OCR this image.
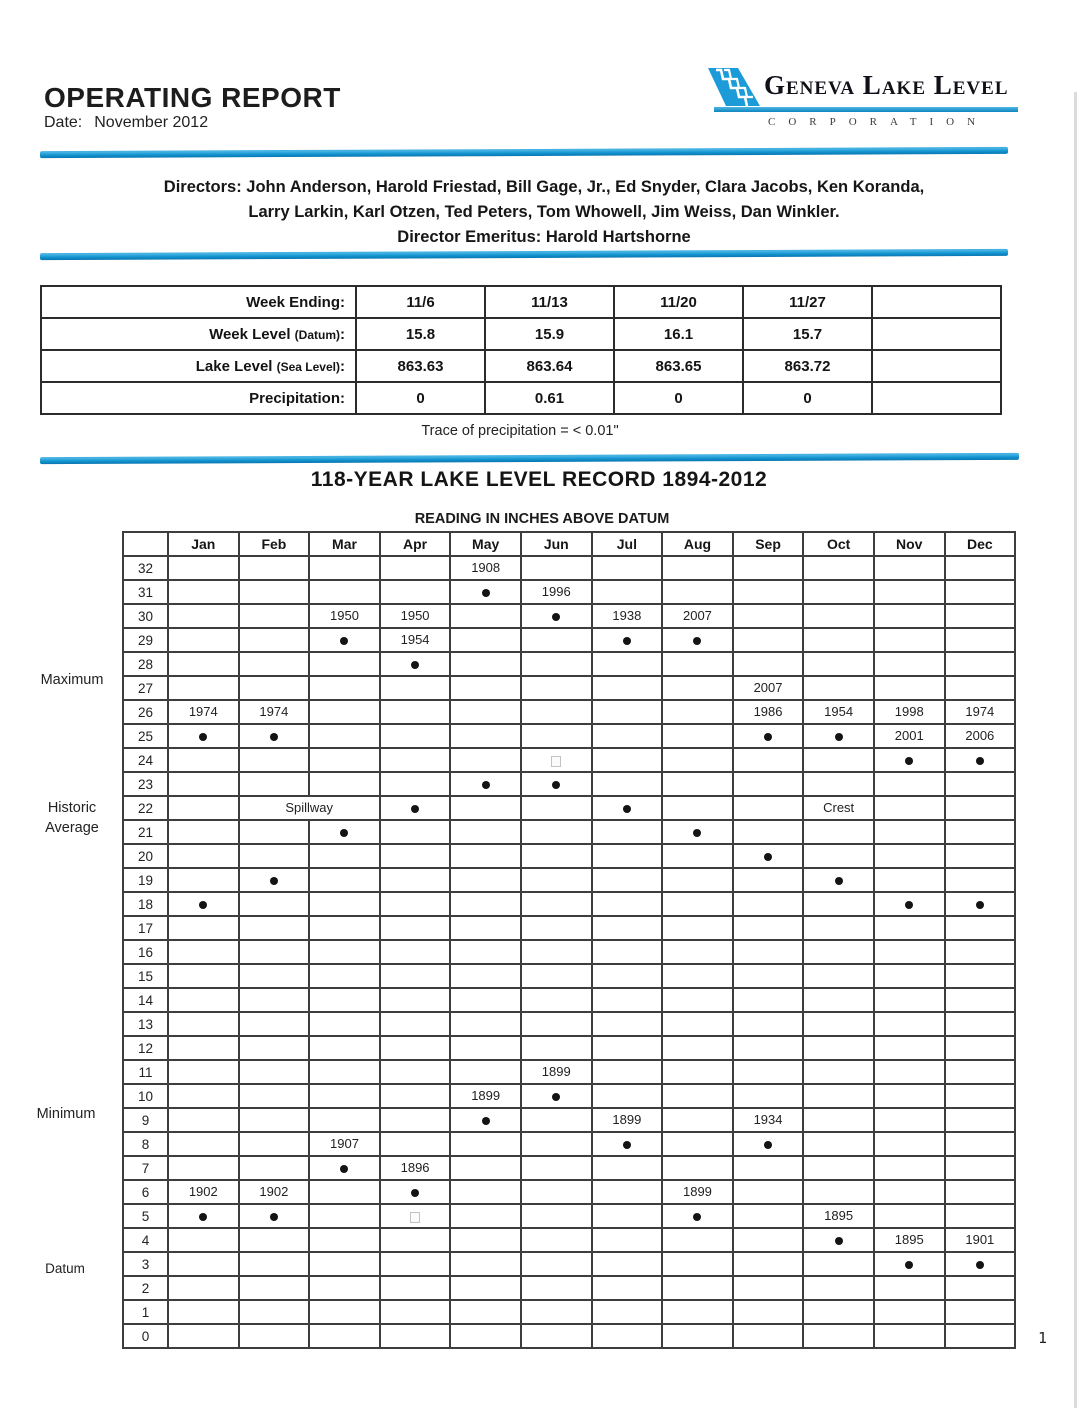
OPERATING REPORT
Date: November 2012
Geneva Lake Level
CORPORATION
Directors: John Anderson, Harold Friestad, Bill Gage, Jr., Ed Snyder, Clara Jacobs, Ken Koranda,
Larry Larkin, Karl Otzen, Ted Peters, Tom Whowell, Jim Weiss, Dan Winkler.
Director Emeritus: Harold Hartshorne
Week Ending:	11/6	11/13	11/20	11/27	
Week Level (Datum):	15.8	15.9	16.1	15.7	
Lake Level (Sea Level):	863.63	863.64	863.65	863.72	
Precipitation:	0	0.61	0	0	
Trace of precipitation = < 0.01"
118-YEAR LAKE LEVEL RECORD 1894-2012
READING IN INCHES ABOVE DATUM
	Jan	Feb	Mar	Apr	May	Jun	Jul	Aug	Sep	Oct	Nov	Dec
32					1908							
31						1996						
30			1950	1950			1938	2007				
29				1954								
28												
27									2007			
26	1974	1974							1986	1954	1998	1974
25											2001	2006
24												
23												
22		Spillway								Crest		
21												
20												
19												
18												
17												
16												
15												
14												
13												
12												
11						1899						
10					1899							
9							1899		1934			
8			1907									
7				1896								
6	1902	1902						1899				
5										1895		
4											1895	1901
3												
2												
1												
0												
Maximum
Historic Average
Minimum
Datum
1
